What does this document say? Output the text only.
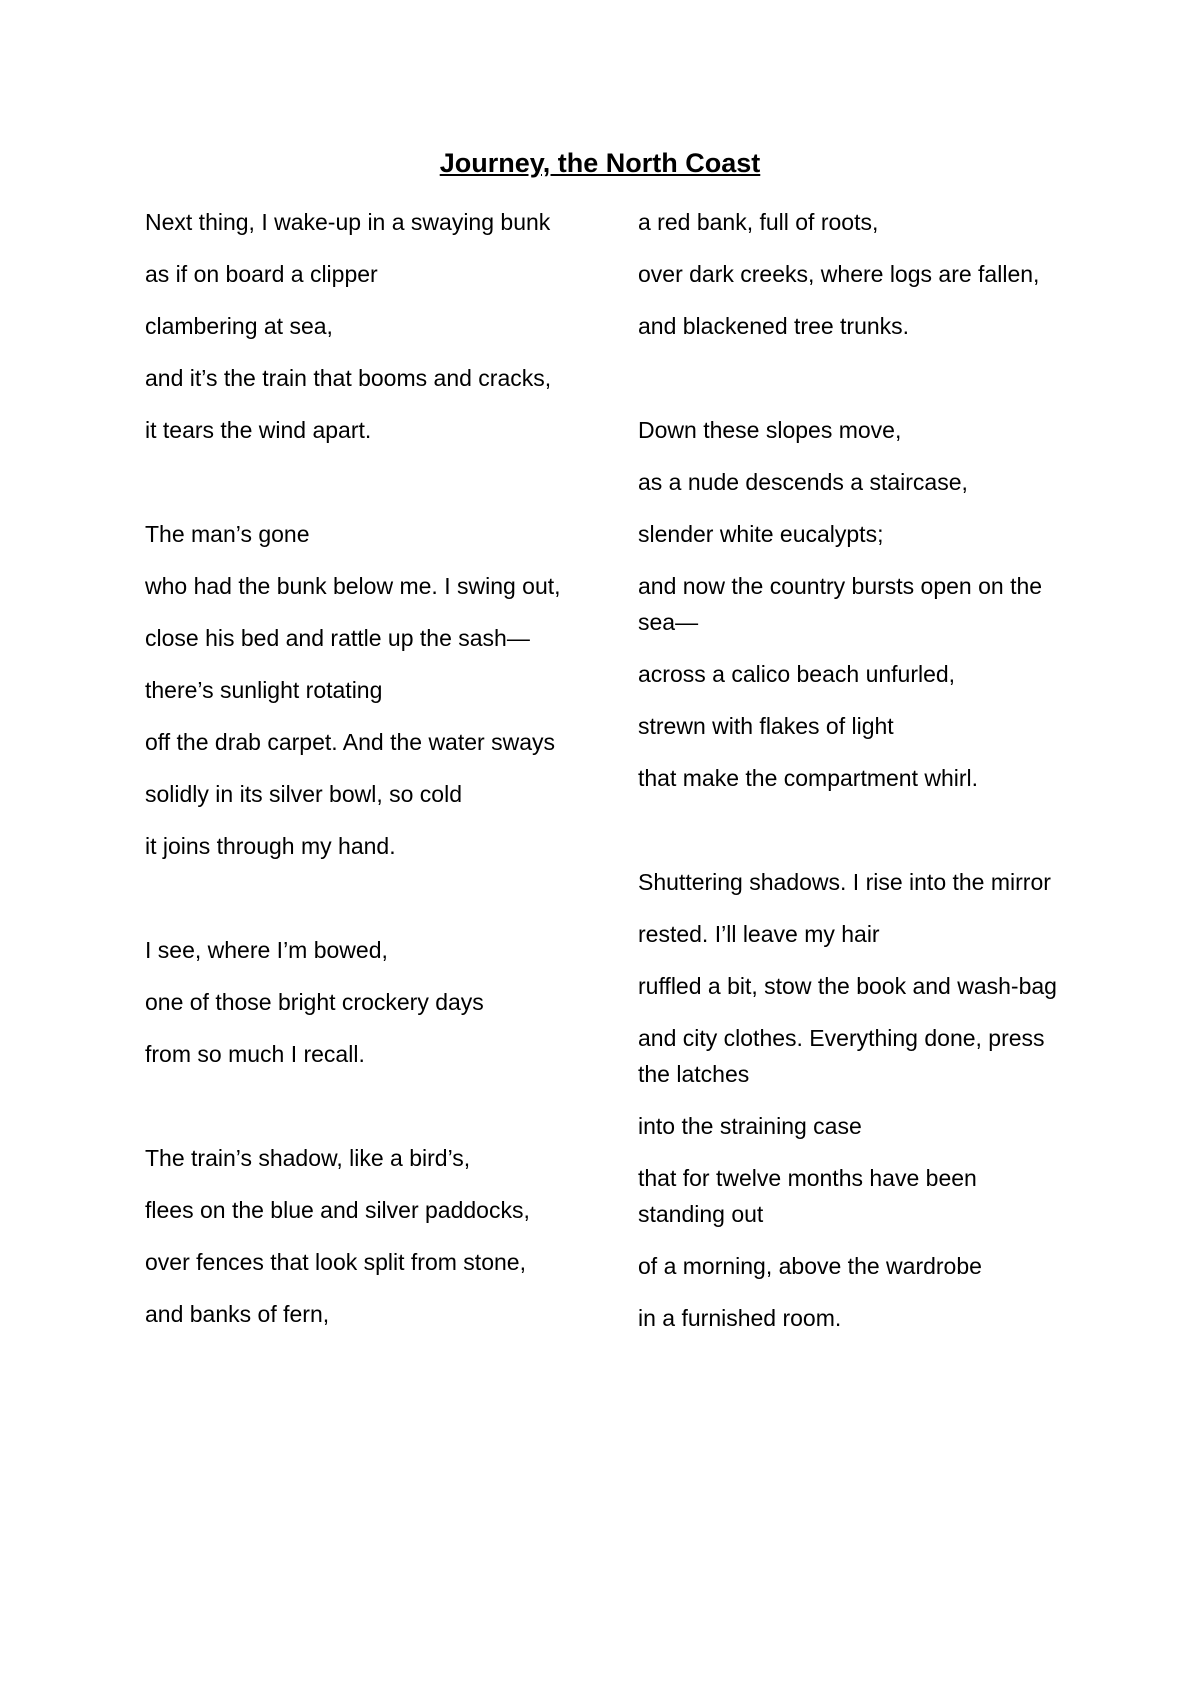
Journey, the North Coast
Next thing, I wake-up in a swaying bunk
as if on board a clipper
clambering at sea,
and it’s the train that booms and cracks,
it tears the wind apart.
The man’s gone
who had the bunk below me. I swing out,
close his bed and rattle up the sash—
there’s sunlight rotating
off the drab carpet. And the water sways
solidly in its silver bowl, so cold
it joins through my hand.
I see, where I’m bowed,
one of those bright crockery days
from so much I recall.
The train’s shadow, like a bird’s,
flees on the blue and silver paddocks,
over fences that look split from stone,
and banks of fern,
a red bank, full of roots,
over dark creeks, where logs are fallen,
and blackened tree trunks.
Down these slopes move,
as a nude descends a staircase,
slender white eucalypts;
and now the country bursts open on the sea—
across a calico beach unfurled,
strewn with flakes of light
that make the compartment whirl.
Shuttering shadows. I rise into the mirror
rested. I’ll leave my hair
ruffled a bit, stow the book and wash-bag
and city clothes. Everything done, press the latches
into the straining case
that for twelve months have been standing out
of a morning, above the wardrobe
in a furnished room.
